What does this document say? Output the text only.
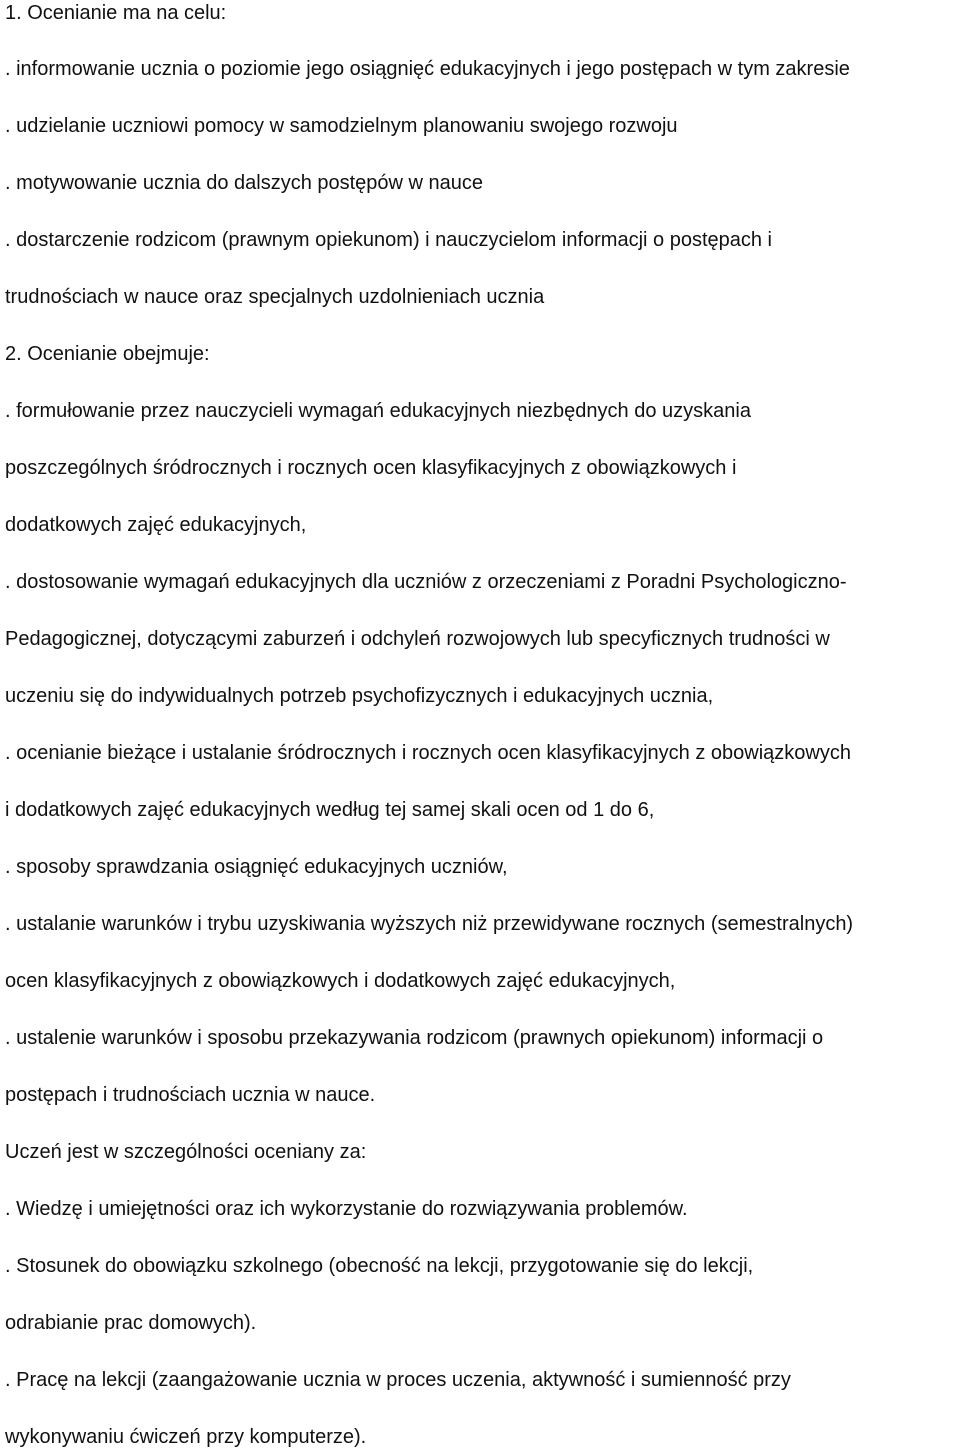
1. Ocenianie ma na celu:
. informowanie ucznia o poziomie jego osiągnięć edukacyjnych i jego postępach w tym zakresie
. udzielanie uczniowi pomocy w samodzielnym planowaniu swojego rozwoju
. motywowanie ucznia do dalszych postępów w nauce
. dostarczenie rodzicom (prawnym opiekunom) i nauczycielom informacji o postępach i
trudnościach w nauce oraz specjalnych uzdolnieniach ucznia
2. Ocenianie obejmuje:
. formułowanie przez nauczycieli wymagań edukacyjnych niezbędnych do uzyskania
poszczególnych śródrocznych i rocznych ocen klasyfikacyjnych z obowiązkowych i
dodatkowych zajęć edukacyjnych,
. dostosowanie wymagań edukacyjnych dla uczniów z orzeczeniami z Poradni Psychologiczno-
Pedagogicznej, dotyczącymi zaburzeń i odchyleń rozwojowych lub specyficznych trudności w
uczeniu się do indywidualnych potrzeb psychofizycznych i edukacyjnych ucznia,
. ocenianie bieżące i ustalanie śródrocznych i rocznych ocen klasyfikacyjnych z obowiązkowych
i dodatkowych zajęć edukacyjnych według tej samej skali ocen od 1 do 6,
. sposoby sprawdzania osiągnięć edukacyjnych uczniów,
. ustalanie warunków i trybu uzyskiwania wyższych niż przewidywane rocznych (semestralnych)
ocen klasyfikacyjnych z obowiązkowych i dodatkowych zajęć edukacyjnych,
. ustalenie warunków i sposobu przekazywania rodzicom (prawnych opiekunom) informacji o
postępach i trudnościach ucznia w nauce.
Uczeń jest w szczególności oceniany za:
. Wiedzę i umiejętności oraz ich wykorzystanie do rozwiązywania problemów.
. Stosunek do obowiązku szkolnego (obecność na lekcji, przygotowanie się do lekcji,
odrabianie prac domowych).
. Pracę na lekcji (zaangażowanie ucznia w proces uczenia, aktywność i sumienność przy
wykonywaniu ćwiczeń przy komputerze).
